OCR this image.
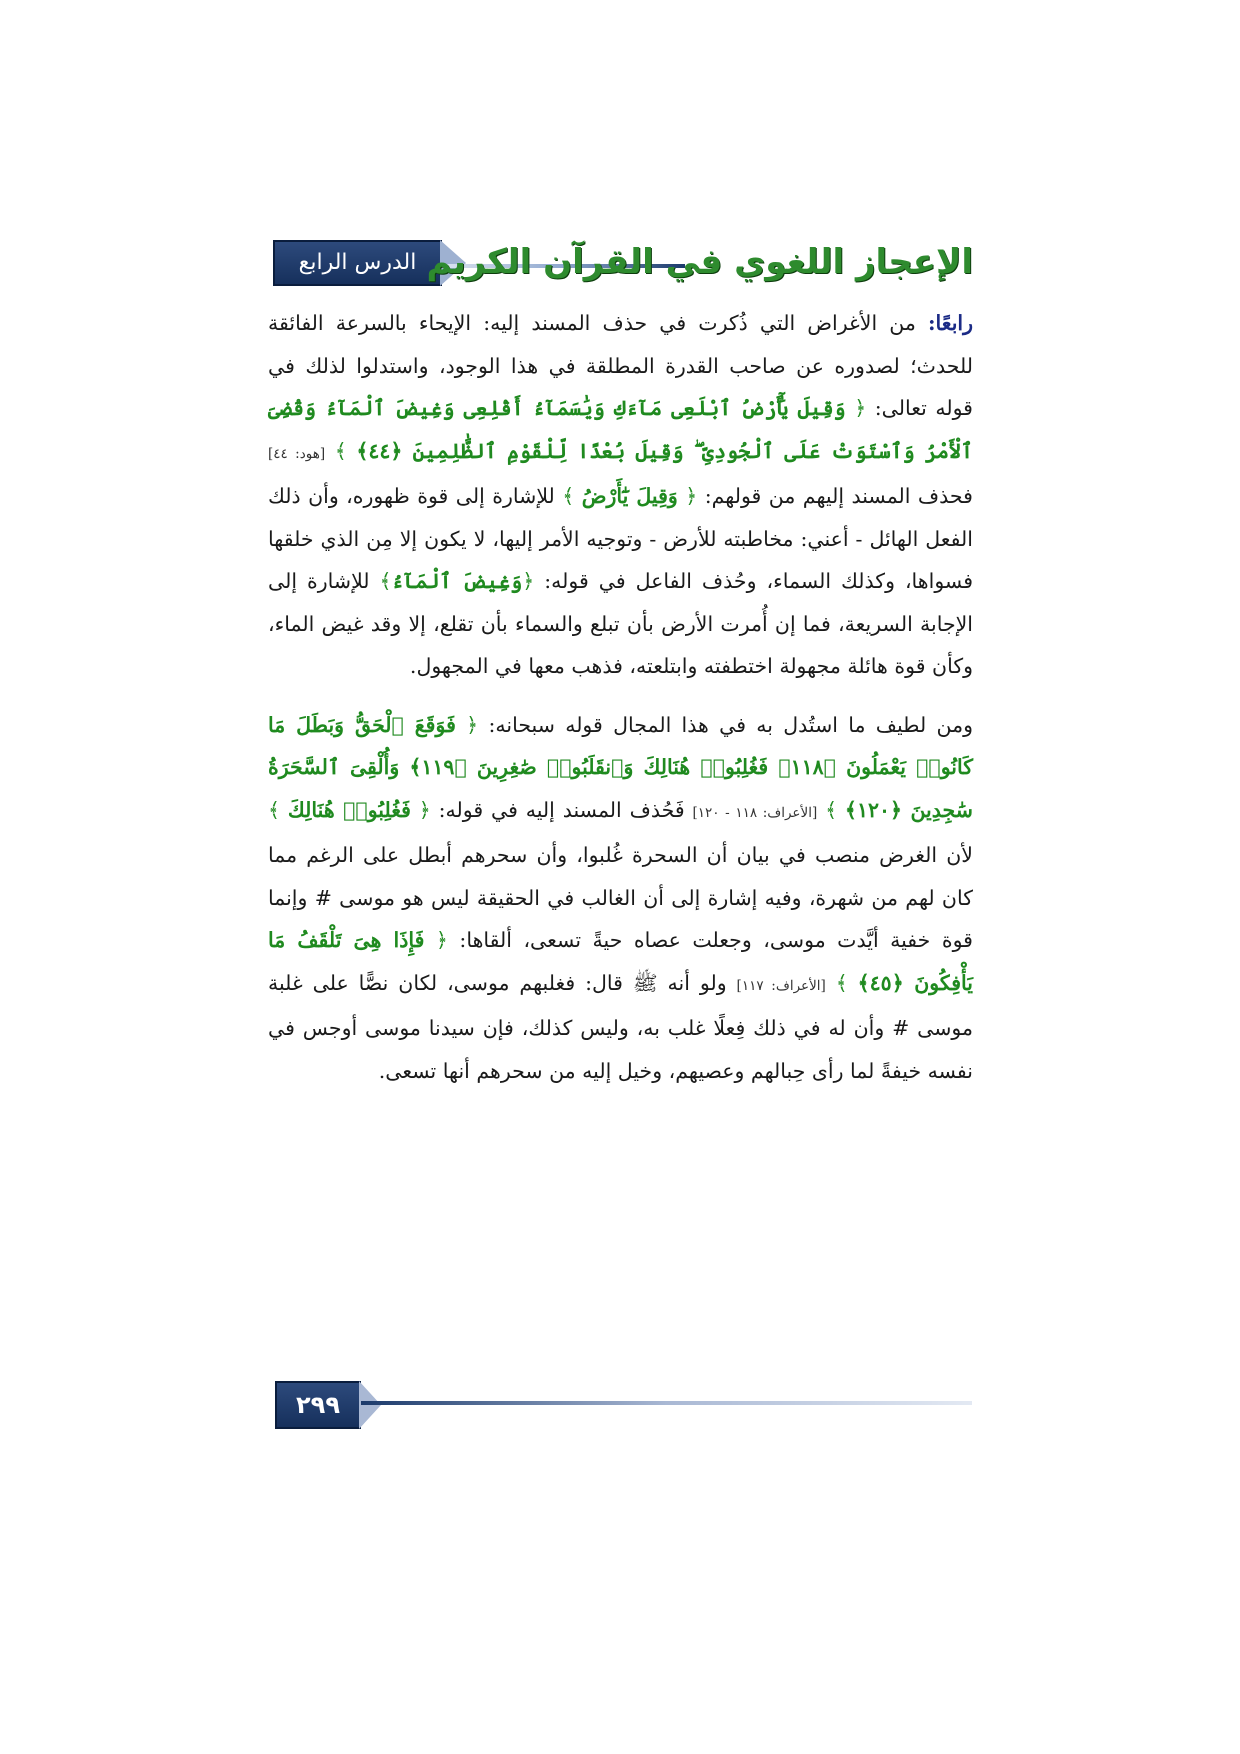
الدرس الرابع عشر
الإعجاز اللغوي في القرآن الكريم

رابعًا: من الأغراض التي ذُكرت في حذف المسند إليه: الإيحاء بالسرعة الفائقة للحدث؛ لصدوره عن صاحب القدرة المطلقة في هذا الوجود، واستدلوا لذلك في قوله تعالى: ﴿ وَقِيلَ يَٰٓأَرْضُ ٱبْلَعِى مَآءَكِ وَيَٰسَمَآءُ أَقْلِعِى وَغِيضَ ٱلْمَآءُ وَقُضِىَ ٱلْأَمْرُ وَٱسْتَوَتْ عَلَى ٱلْجُودِىِّ ۖ وَقِيلَ بُعْدًا لِّلْقَوْمِ ٱلظَّٰلِمِينَ ﴿٤٤﴾ ﴾ [هود: ٤٤] فحذف المسند إليهم من قولهم: ﴿ وَقِيلَ يَٰٓأَرْضُ ﴾ للإشارة إلى قوة ظهوره، وأن ذلك الفعل الهائل - أعني: مخاطبته للأرض - وتوجيه الأمر إليها، لا يكون إلا مِن الذي خلقها فسواها، وكذلك السماء، وحُذف الفاعل في قوله: ﴿وَغِيضَ ٱلْمَآءُ﴾ للإشارة إلى الإجابة السريعة، فما إن أُمرت الأرض بأن تبلع والسماء بأن تقلع، إلا وقد غيض الماء، وكأن قوة هائلة مجهولة اختطفته وابتلعته، فذهب معها في المجهول.

ومن لطيف ما استُدل به في هذا المجال قوله سبحانه: ﴿ فَوَقَعَ ٱلْحَقُّ وَبَطَلَ مَا كَانُوا۟ يَعْمَلُونَ ﴿١١٨﴾ فَغُلِبُوا۟ هُنَالِكَ وَٱنقَلَبُوا۟ صَٰغِرِينَ ﴿١١٩﴾ وَأُلْقِىَ ٱلسَّحَرَةُ سَٰجِدِينَ ﴿١٢٠﴾ ﴾ [الأعراف: ١١٨ - ١٢٠] فَحُذف المسند إليه في قوله: ﴿ فَغُلِبُوا۟ هُنَالِكَ ﴾ لأن الغرض منصب في بيان أن السحرة غُلبوا، وأن سحرهم أبطل على الرغم مما كان لهم من شهرة، وفيه إشارة إلى أن الغالب في الحقيقة ليس هو موسى # وإنما قوة خفية أيَّدت موسى، وجعلت عصاه حيةً تسعى، ألقاها: ﴿ فَإِذَا هِىَ تَلْقَفُ مَا يَأْفِكُونَ ﴿٤٥﴾ ﴾ [الأعراف: ١١٧] ولو أنه ﷺ قال: فغلبهم موسى، لكان نصًّا على غلبة موسى # وأن له في ذلك فِعلًا غلب به، وليس كذلك، فإن سيدنا موسى أوجس في نفسه خيفةً لما رأى حِبالهم وعصيهم، وخيل إليه من سحرهم أنها تسعى.

٢٩٩
